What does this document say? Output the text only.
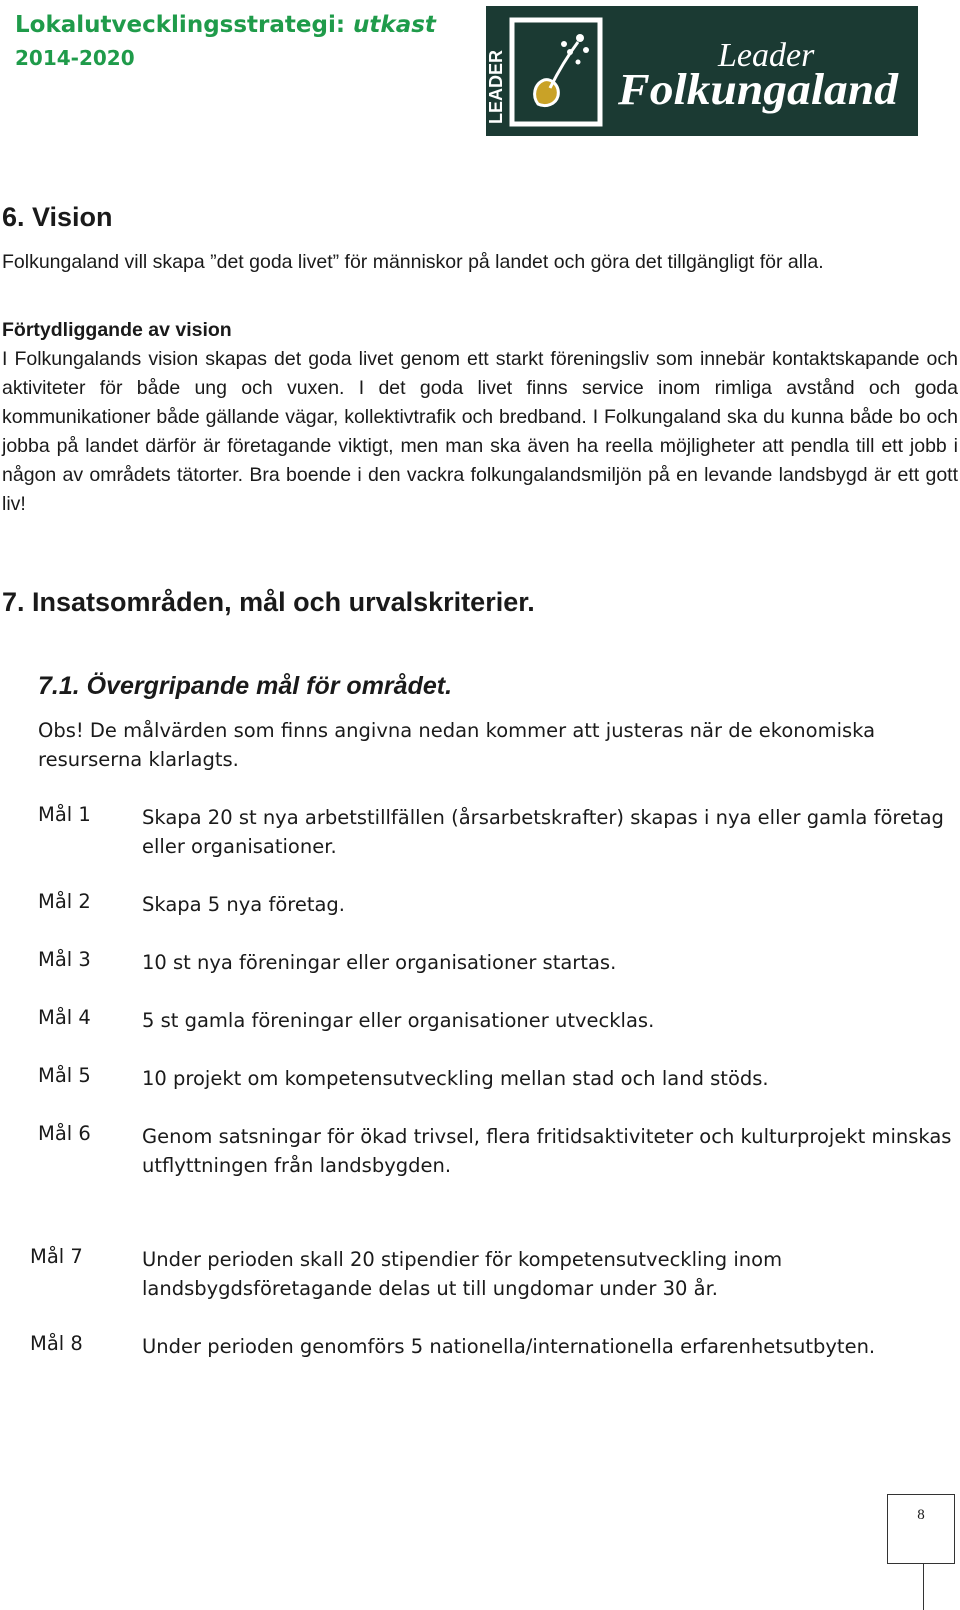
Lokalutvecklingsstrategi: utkast
2014-2020	LEADER	Leader
Folkungaland
6. Vision
Folkungaland vill skapa ”det goda livet” för människor på landet och göra det tillgängligt för alla.
Förtydliggande av vision
I Folkungalands vision skapas det goda livet genom ett starkt föreningsliv som innebär kontaktskapande och aktiviteter för både ung och vuxen. I det goda livet finns service inom rimliga avstånd och goda kommunikationer både gällande vägar, kollektivtrafik och bredband. I Folkungaland ska du kunna både bo och jobba på landet därför är företagande viktigt, men man ska även ha reella möjligheter att pendla till ett jobb i någon av områdets tätorter. Bra boende i den vackra folkungalandsmiljön på en levande landsbygd är ett gott liv!
7. Insatsområden, mål och urvalskriterier.
7.1. Övergripande mål för området.
Obs! De målvärden som finns angivna nedan kommer att justeras när de ekonomiska resurserna klarlagts.
Mål 1	Skapa 20 st nya arbetstillfällen (årsarbetskrafter) skapas i nya eller gamla företag eller organisationer.
Mål 2	Skapa 5 nya företag.
Mål 3	10 st nya föreningar eller organisationer startas.
Mål 4	5 st gamla föreningar eller organisationer utvecklas.
Mål 5	10 projekt om kompetensutveckling mellan stad och land stöds.
Mål 6	Genom satsningar för ökad trivsel, flera fritidsaktiviteter och kulturprojekt minskas utflyttningen från landsbygden.
Mål 7	Under perioden skall 20 stipendier för kompetensutveckling inom landsbygdsföretagande delas ut till ungdomar under 30 år.
Mål 8	Under perioden genomförs 5 nationella/internationella erfarenhetsutbyten.
8
